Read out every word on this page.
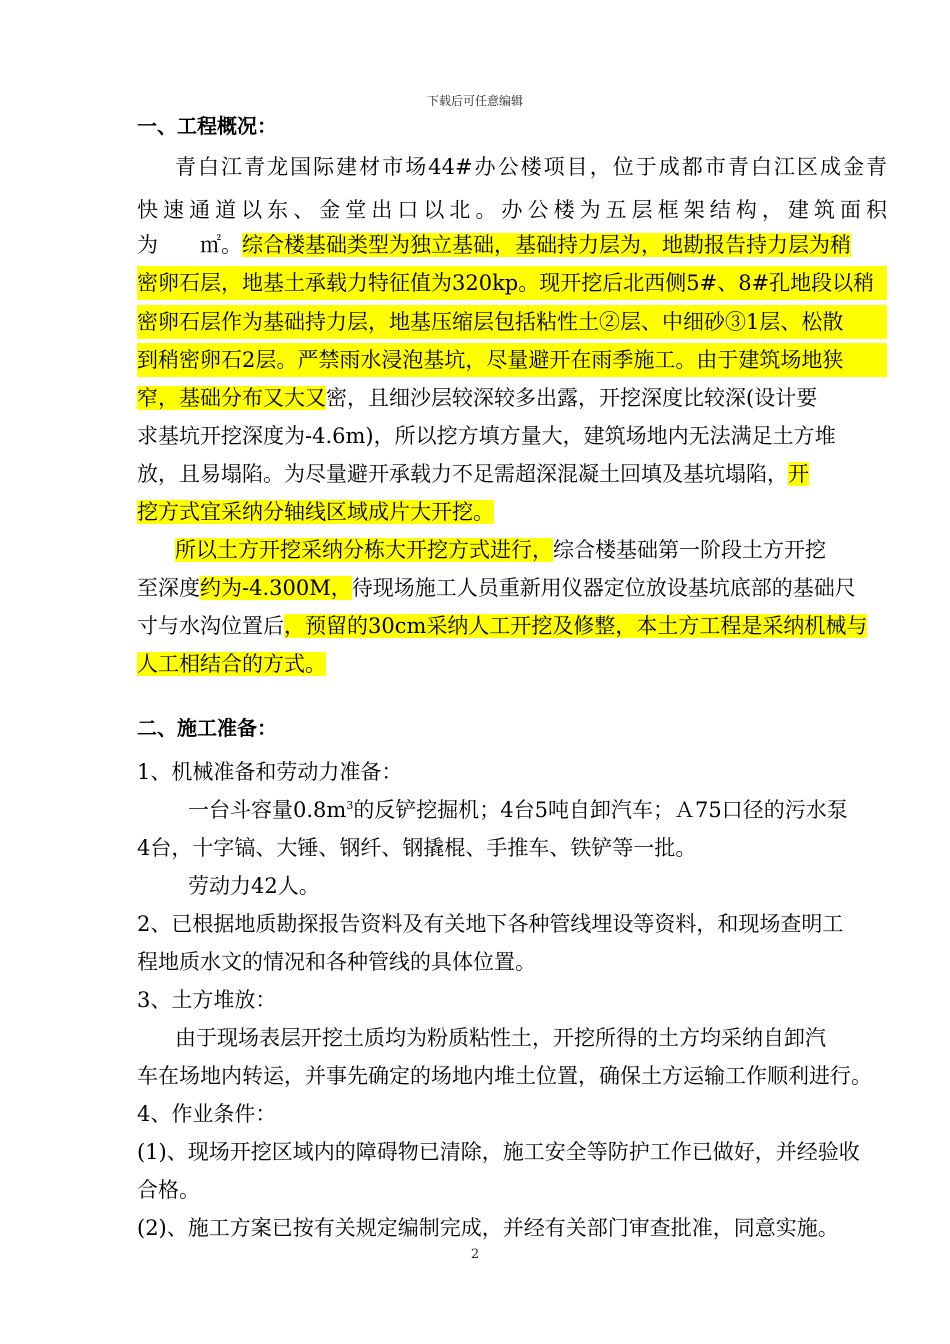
下载后可任意编辑
一、工程概况：
青白江青龙国际建材市场44#办公楼项目，位于成都市青白江区成金青
快速通道以东、金堂出口以北。办公楼为五层框架结构，建筑面积
为　　㎡。综合楼基础类型为独立基础，基础持力层为，地勘报告持力层为稍
密卵石层，地基土承载力特征值为320kp。现开挖后北西侧5#、8#孔地段以稍
密卵石层作为基础持力层，地基压缩层包括粘性土②层、中细砂③1层、松散
到稍密卵石2层。严禁雨水浸泡基坑，尽量避开在雨季施工。由于建筑场地狭
窄，基础分布又大又密，且细沙层较深较多出露，开挖深度比较深(设计要
求基坑开挖深度为-4.6m)，所以挖方填方量大，建筑场地内无法满足土方堆
放，且易塌陷。为尽量避开承载力不足需超深混凝土回填及基坑塌陷，开
挖方式宜采纳分轴线区域成片大开挖。
所以土方开挖采纳分栋大开挖方式进行，综合楼基础第一阶段土方开挖
至深度约为-4.300M，待现场施工人员重新用仪器定位放设基坑底部的基础尺
寸与水沟位置后，预留的30cm采纳人工开挖及修整，本土方工程是采纳机械与
人工相结合的方式。
二、施工准备：
1、机械准备和劳动力准备：
一台斗容量$0.8m^3$的反铲挖掘机；4台5吨自卸汽车；Ａ75口径的污水泵
4台，十字镐、大锤、钢纤、钢撬棍、手推车、铁铲等一批。
劳动力42人。
2、已根据地质勘探报告资料及有关地下各种管线埋设等资料，和现场查明工
程地质水文的情况和各种管线的具体位置。
3、土方堆放：
由于现场表层开挖土质均为粉质粘性土，开挖所得的土方均采纳自卸汽
车在场地内转运，并事先确定的场地内堆土位置，确保土方运输工作顺利进行。
4、作业条件：
(1)、现场开挖区域内的障碍物已清除，施工安全等防护工作已做好，并经验收
合格。
(2)、施工方案已按有关规定编制完成，并经有关部门审查批准，同意实施。
2
